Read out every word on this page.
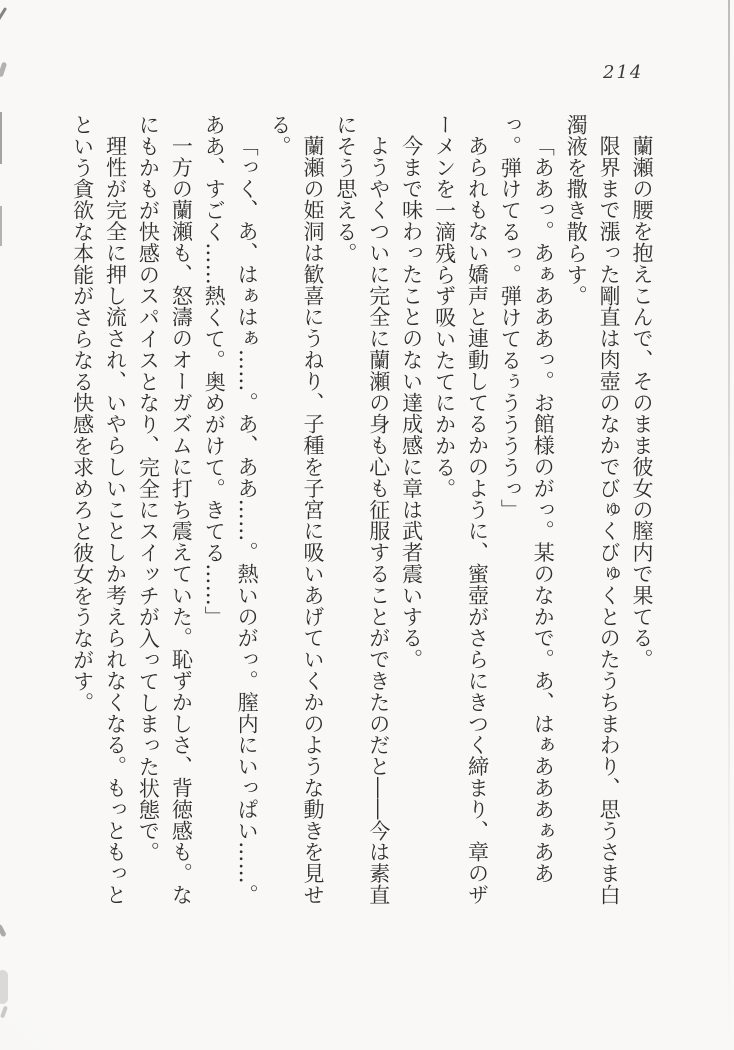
214

蘭瀬の腰を抱えこんで、そのまま彼女の膣内で果てる。

限界まで漲った剛直は肉壺のなかでびゅくびゅくとのたうちまわり、思うさま白濁液を撒き散らす。

「ああっ。あぁあああっ。お館様のがっ。某のなかで。あ、はぁあああぁああっ。弾けてるっ。弾けてるぅううううっ」

あられもない嬌声と連動してるかのように、蜜壺がさらにきつく締まり、章のザーメンを一滴残らず吸いたてにかかる。

今まで味わったことのない達成感に章は武者震いする。

ようやくついに完全に蘭瀬の身も心も征服することができたのだと――今は素直にそう思える。

蘭瀬の姫洞は歓喜にうねり、子種を子宮に吸いあげていくかのような動きを見せる。

「っく、あ、はぁはぁ……。あ、ああ……。熱いのがっ。膣内にいっぱい……。ああ、すごく……熱くて。奥めがけて。きてる……」

一方の蘭瀬も、怒濤のオーガズムに打ち震えていた。恥ずかしさ、背徳感も。なにもかもが快感のスパイスとなり、完全にスイッチが入ってしまった状態で。

理性が完全に押し流され、いやらしいことしか考えられなくなる。もっともっとという貪欲な本能がさらなる快感を求めろと彼女をうながす。
